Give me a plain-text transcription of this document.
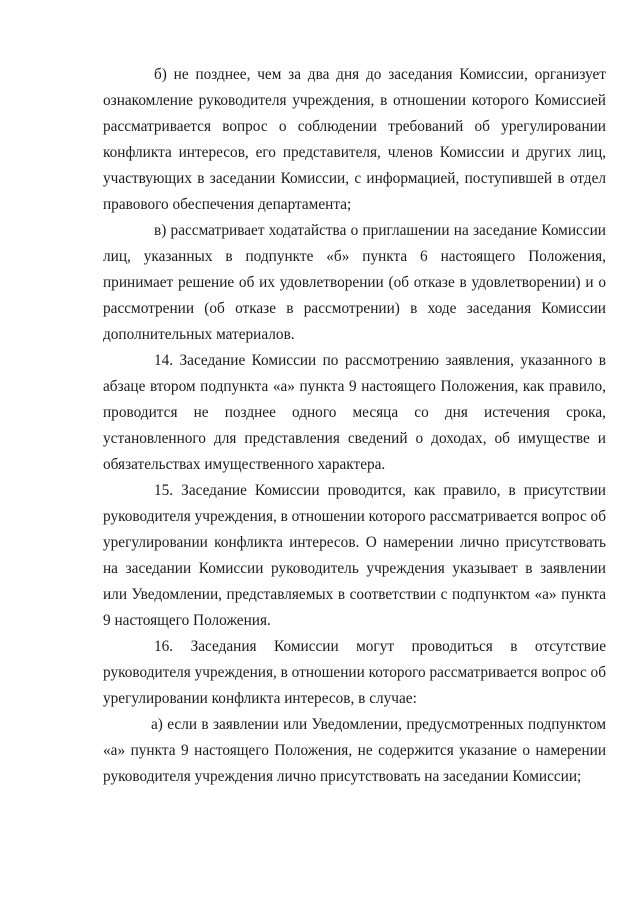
б) не позднее, чем за два дня до заседания Комиссии, организует ознакомление руководителя учреждения, в отношении которого Комиссией рассматривается вопрос о соблюдении требований об урегулировании конфликта интересов, его представителя, членов Комиссии и других лиц, участвующих в заседании Комиссии, с информацией, поступившей в отдел правового обеспечения департамента;

в) рассматривает ходатайства о приглашении на заседание Комиссии лиц, указанных в подпункте «б» пункта 6 настоящего Положения, принимает решение об их удовлетворении (об отказе в удовлетворении) и о рассмотрении (об отказе в рассмотрении) в ходе заседания Комиссии дополнительных материалов.

14. Заседание Комиссии по рассмотрению заявления, указанного в абзаце втором подпункта «а» пункта 9 настоящего Положения, как правило, проводится не позднее одного месяца со дня истечения срока, установленного для представления сведений о доходах, об имуществе и обязательствах имущественного характера.

15. Заседание Комиссии проводится, как правило, в присутствии руководителя учреждения, в отношении которого рассматривается вопрос об урегулировании конфликта интересов. О намерении лично присутствовать на заседании Комиссии руководитель учреждения указывает в заявлении или Уведомлении, представляемых в соответствии с подпунктом «а» пункта 9 настоящего Положения.

16. Заседания Комиссии могут проводиться в отсутствие руководителя учреждения, в отношении которого рассматривается вопрос об урегулировании конфликта интересов, в случае:

а) если в заявлении или Уведомлении, предусмотренных подпунктом «а» пункта 9 настоящего Положения, не содержится указание о намерении руководителя учреждения лично присутствовать на заседании Комиссии;
